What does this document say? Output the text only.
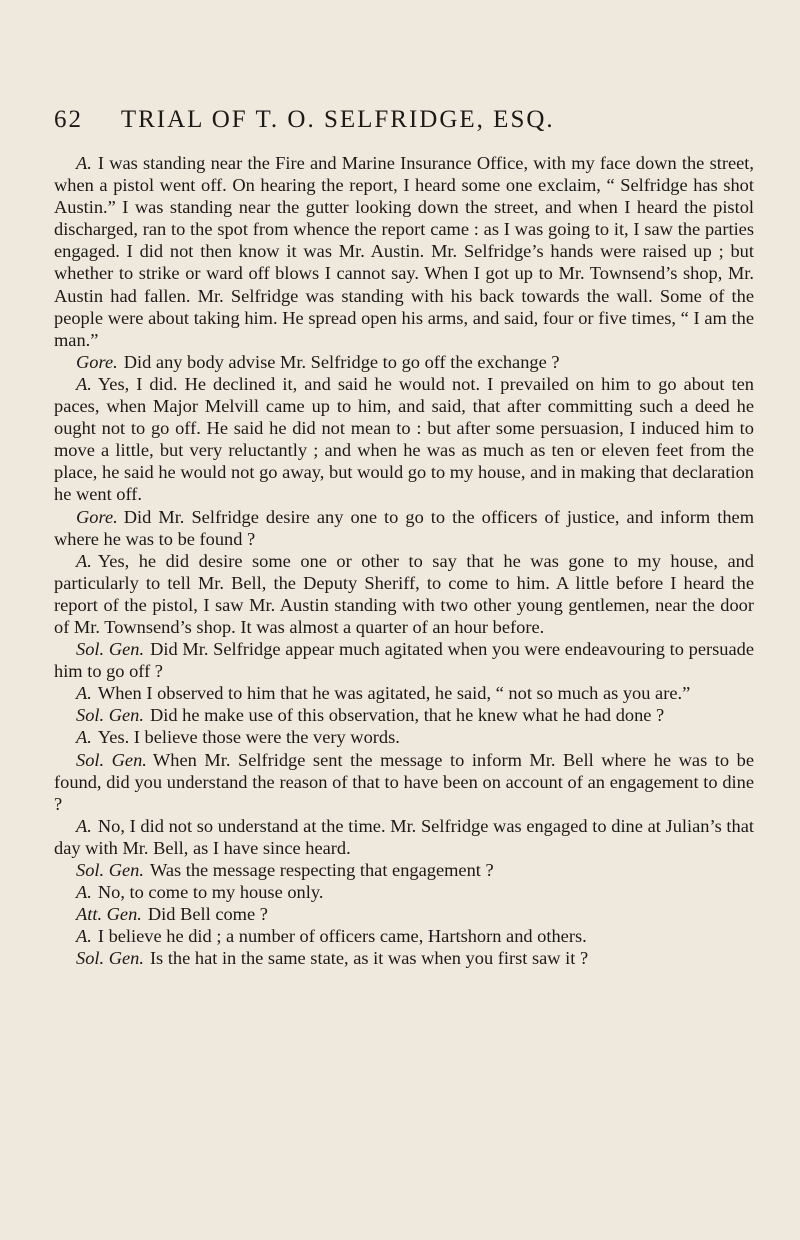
62 TRIAL OF T. O. SELFRIDGE, ESQ.

A. I was standing near the Fire and Marine Insurance Office, with my face down the street, when a pistol went off. On hearing the report, I heard some one exclaim, “ Selfridge has shot Austin.” I was standing near the gutter looking down the street, and when I heard the pistol discharged, ran to the spot from whence the report came : as I was going to it, I saw the parties engaged. I did not then know it was Mr. Austin. Mr. Selfridge’s hands were raised up ; but whether to strike or ward off blows I cannot say. When I got up to Mr. Townsend’s shop, Mr. Austin had fallen. Mr. Selfridge was standing with his back towards the wall. Some of the people were about taking him. He spread open his arms, and said, four or five times, “ I am the man.”

Gore. Did any body advise Mr. Selfridge to go off the exchange ?

A. Yes, I did. He declined it, and said he would not. I prevailed on him to go about ten paces, when Major Melvill came up to him, and said, that after committing such a deed he ought not to go off. He said he did not mean to : but after some persuasion, I induced him to move a little, but very reluctantly ; and when he was as much as ten or eleven feet from the place, he said he would not go away, but would go to my house, and in making that declaration he went off.

Gore. Did Mr. Selfridge desire any one to go to the officers of justice, and inform them where he was to be found ?

A. Yes, he did desire some one or other to say that he was gone to my house, and particularly to tell Mr. Bell, the Deputy Sheriff, to come to him. A little before I heard the report of the pistol, I saw Mr. Austin standing with two other young gentlemen, near the door of Mr. Townsend’s shop. It was almost a quarter of an hour before.

Sol. Gen. Did Mr. Selfridge appear much agitated when you were endeavouring to persuade him to go off ?

A. When I observed to him that he was agitated, he said, “ not so much as you are.”

Sol. Gen. Did he make use of this observation, that he knew what he had done ?

A. Yes. I believe those were the very words.

Sol. Gen. When Mr. Selfridge sent the message to inform Mr. Bell where he was to be found, did you understand the reason of that to have been on account of an engagement to dine ?

A. No, I did not so understand at the time. Mr. Selfridge was engaged to dine at Julian’s that day with Mr. Bell, as I have since heard.

Sol. Gen. Was the message respecting that engagement ?

A. No, to come to my house only.

Att. Gen. Did Bell come ?

A. I believe he did ; a number of officers came, Hartshorn and others.

Sol. Gen. Is the hat in the same state, as it was when you first saw it ?
